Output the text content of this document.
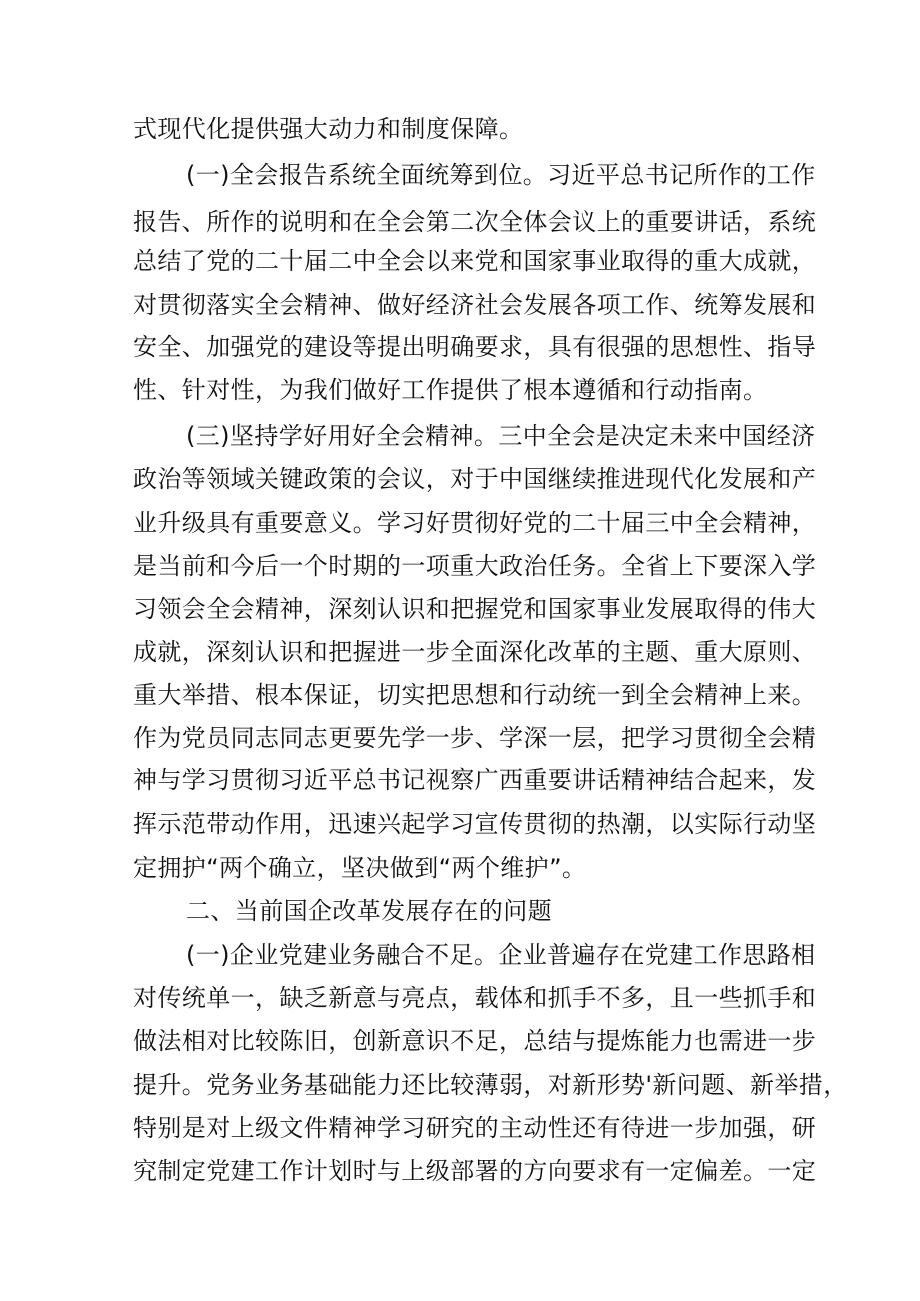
式现代化提供强大动力和制度保障。
(一)全会报告系统全面统筹到位。习近平总书记所作的工作
报告、所作的说明和在全会第二次全体会议上的重要讲话，系统
总结了党的二十届二中全会以来党和国家事业取得的重大成就，
对贯彻落实全会精神、做好经济社会发展各项工作、统筹发展和
安全、加强党的建设等提出明确要求，具有很强的思想性、指导
性、针对性，为我们做好工作提供了根本遵循和行动指南。
(三)坚持学好用好全会精神。三中全会是决定未来中国经济
政治等领域关键政策的会议，对于中国继续推进现代化发展和产
业升级具有重要意义。学习好贯彻好党的二十届三中全会精神，
是当前和今后一个时期的一项重大政治任务。全省上下要深入学
习领会全会精神，深刻认识和把握党和国家事业发展取得的伟大
成就，深刻认识和把握进一步全面深化改革的主题、重大原则、
重大举措、根本保证，切实把思想和行动统一到全会精神上来。
作为党员同志同志更要先学一步、学深一层，把学习贯彻全会精
神与学习贯彻习近平总书记视察广西重要讲话精神结合起来，发
挥示范带动作用，迅速兴起学习宣传贯彻的热潮，以实际行动坚
定拥护“两个确立，坚决做到“两个维护”。
二、当前国企改革发展存在的问题
(一)企业党建业务融合不足。企业普遍存在党建工作思路相
对传统单一，缺乏新意与亮点，载体和抓手不多，且一些抓手和
做法相对比较陈旧，创新意识不足，总结与提炼能力也需进一步
提升。党务业务基础能力还比较薄弱，对新形势'新问题、新举措，
特别是对上级文件精神学习研究的主动性还有待进一步加强，研
究制定党建工作计划时与上级部署的方向要求有一定偏差。一定
